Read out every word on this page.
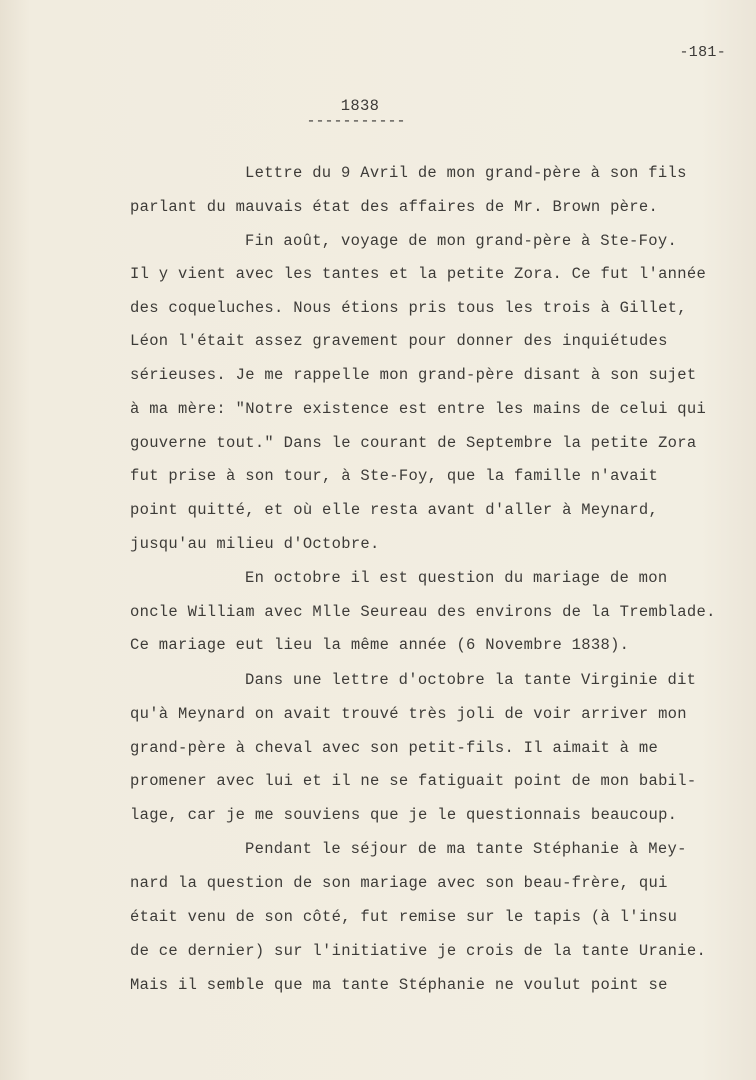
-181-
1838
-----------
Lettre du 9 Avril de mon grand-père à son fils
parlant du mauvais état des affaires de Mr. Brown père.
Fin août, voyage de mon grand-père à Ste-Foy.
Il y vient avec les tantes et la petite Zora. Ce fut l'année
des coqueluches. Nous étions pris tous les trois à Gillet,
Léon l'était assez gravement pour donner des inquiétudes
sérieuses. Je me rappelle mon grand-père disant à son sujet
à ma mère: "Notre existence est entre les mains de celui qui
gouverne tout." Dans le courant de Septembre la petite Zora
fut prise à son tour, à Ste-Foy, que la famille n'avait
point quitté, et où elle resta avant d'aller à Meynard,
jusqu'au milieu d'Octobre.
En octobre il est question du mariage de mon
oncle William avec Mlle Seureau des environs de la Tremblade.
Ce mariage eut lieu la même année (6 Novembre 1838).
Dans une lettre d'octobre la tante Virginie dit
qu'à Meynard on avait trouvé très joli de voir arriver mon
grand-père à cheval avec son petit-fils. Il aimait à me
promener avec lui et il ne se fatiguait point de mon babil-
lage, car je me souviens que je le questionnais beaucoup.
Pendant le séjour de ma tante Stéphanie à Mey-
nard la question de son mariage avec son beau-frère, qui
était venu de son côté, fut remise sur le tapis (à l'insu
de ce dernier) sur l'initiative je crois de la tante Uranie.
Mais il semble que ma tante Stéphanie ne voulut point se
